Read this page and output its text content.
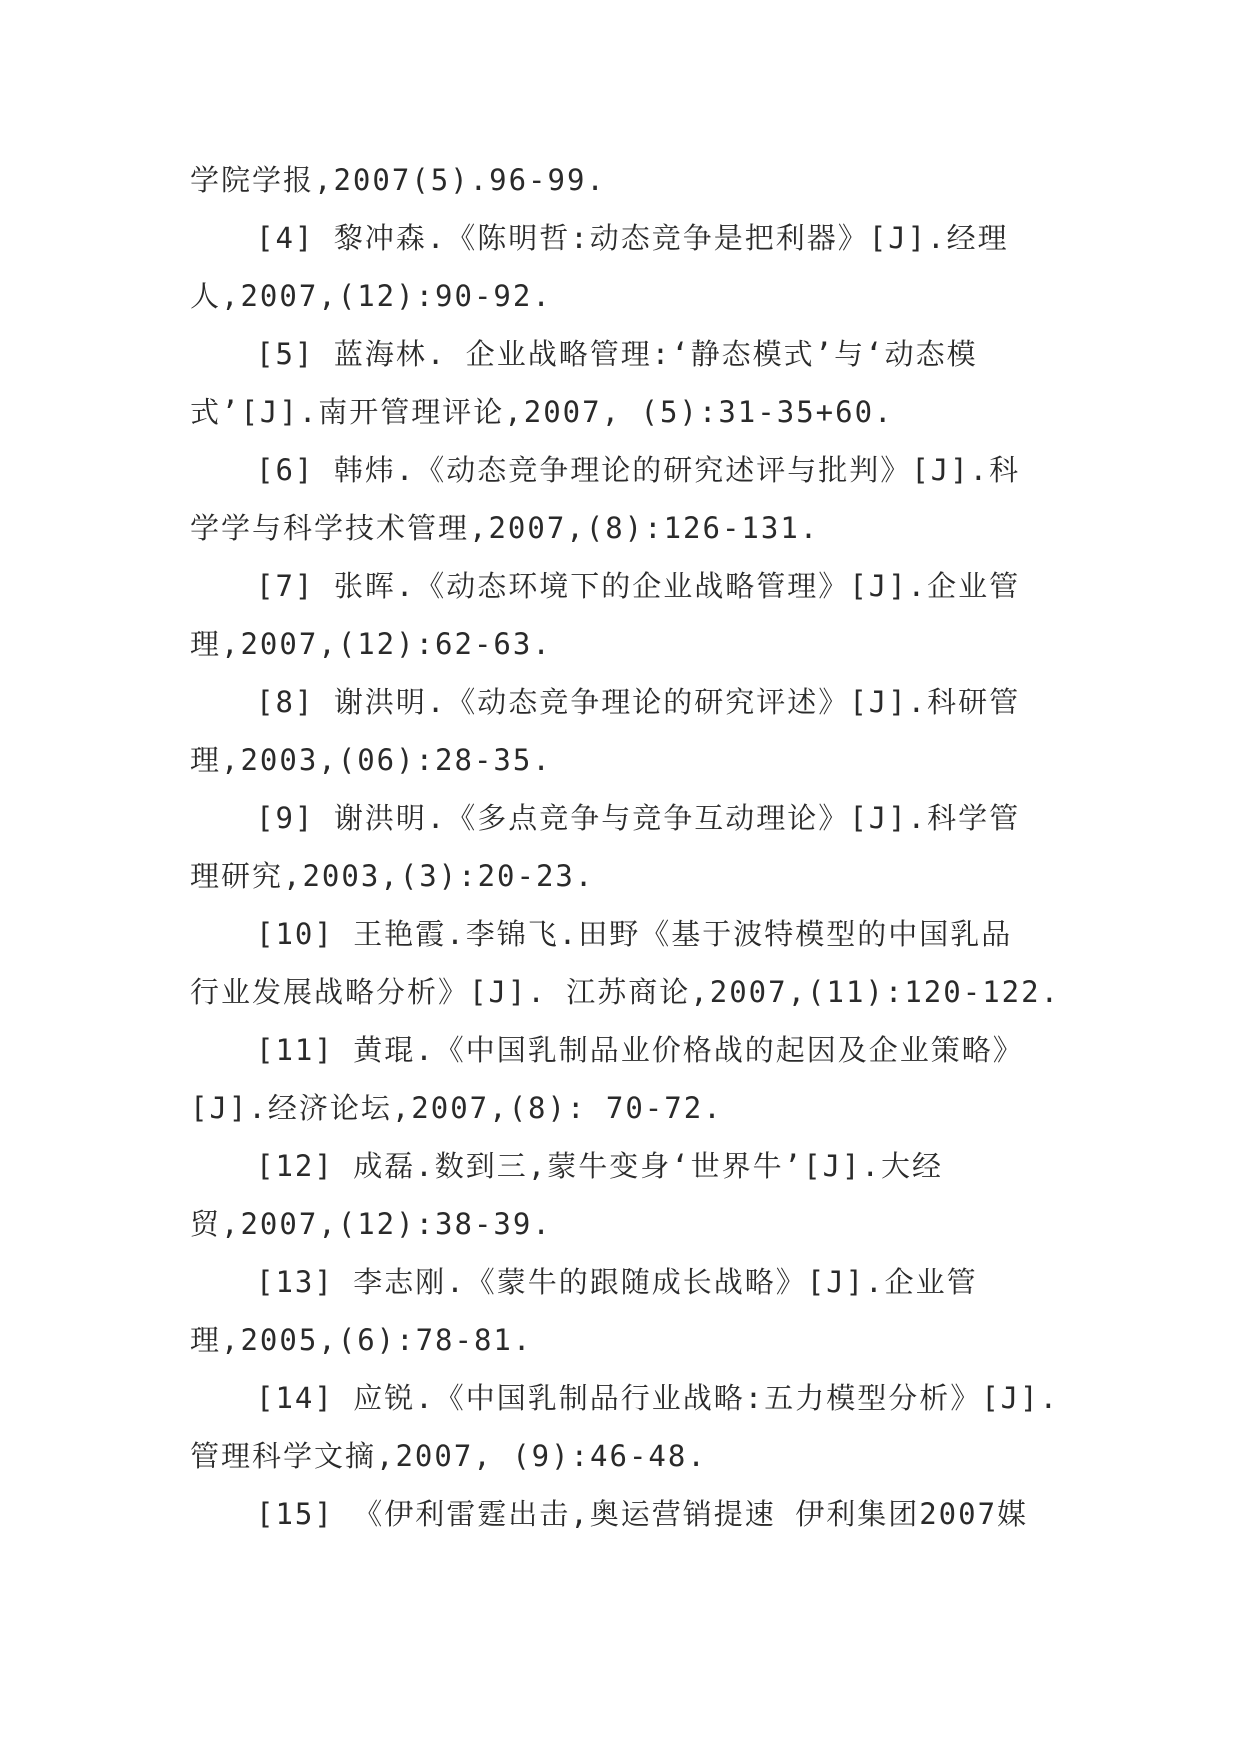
学院学报,2007(5).96-99.
[4] 黎冲森.《陈明哲:动态竞争是把利器》[J].经理
人,2007,(12):90-92.
[5] 蓝海林. 企业战略管理:‘静态模式’与‘动态模
式’[J].南开管理评论,2007, (5):31-35+60.
[6] 韩炜.《动态竞争理论的研究述评与批判》[J].科
学学与科学技术管理,2007,(8):126-131.
[7] 张晖.《动态环境下的企业战略管理》[J].企业管
理,2007,(12):62-63.
[8] 谢洪明.《动态竞争理论的研究评述》[J].科研管
理,2003,(06):28-35.
[9] 谢洪明.《多点竞争与竞争互动理论》[J].科学管
理研究,2003,(3):20-23.
[10] 王艳霞.李锦飞.田野《基于波特模型的中国乳品
行业发展战略分析》[J]. 江苏商论,2007,(11):120-122.
[11] 黄琨.《中国乳制品业价格战的起因及企业策略》
[J].经济论坛,2007,(8): 70-72.
[12] 成磊.数到三,蒙牛变身‘世界牛’[J].大经
贸,2007,(12):38-39.
[13] 李志刚.《蒙牛的跟随成长战略》[J].企业管
理,2005,(6):78-81.
[14] 应锐.《中国乳制品行业战略:五力模型分析》[J].
管理科学文摘,2007, (9):46-48.
[15] 《伊利雷霆出击,奥运营销提速 伊利集团2007媒
